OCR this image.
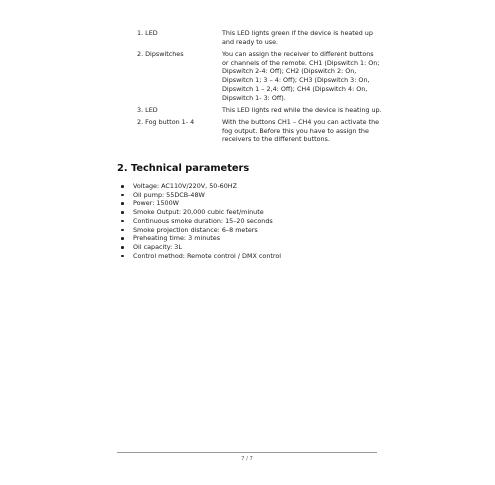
1. LED	This LED lights green if the device is heated up and ready to use.
2. Dipswitches	You can assign the receiver to different buttons or channels of the remote. CH1 (Dipswitch 1: On; Dipswitch 2-4: Off); CH2 (Dipswitch 2: On, Dipswitch 1; 3 – 4: Off); CH3 (Dipswitch 3: On, Dipswitch 1 – 2,4: Off); CH4 (Dipswitch 4: On, Dipswitch 1- 3: Off).
3. LED	This LED lights red while the device is heating up.
2. Fog button 1- 4	With the buttons CH1 – CH4 you can activate the fog output. Before this you have to assign the receivers to the different buttons.
2. Technical parameters
Voltage: AC110V/220V, 50-60HZ
Oil pump: 55DCB-48W
Power: 1500W
Smoke Output: 20,000 cubic feet/minute
Continuous smoke duration: 15–20 seconds
Smoke projection distance: 6–8 meters
Preheating time: 3 minutes
Oil capacity: 3L
Control method: Remote control / DMX control
7 / 7
